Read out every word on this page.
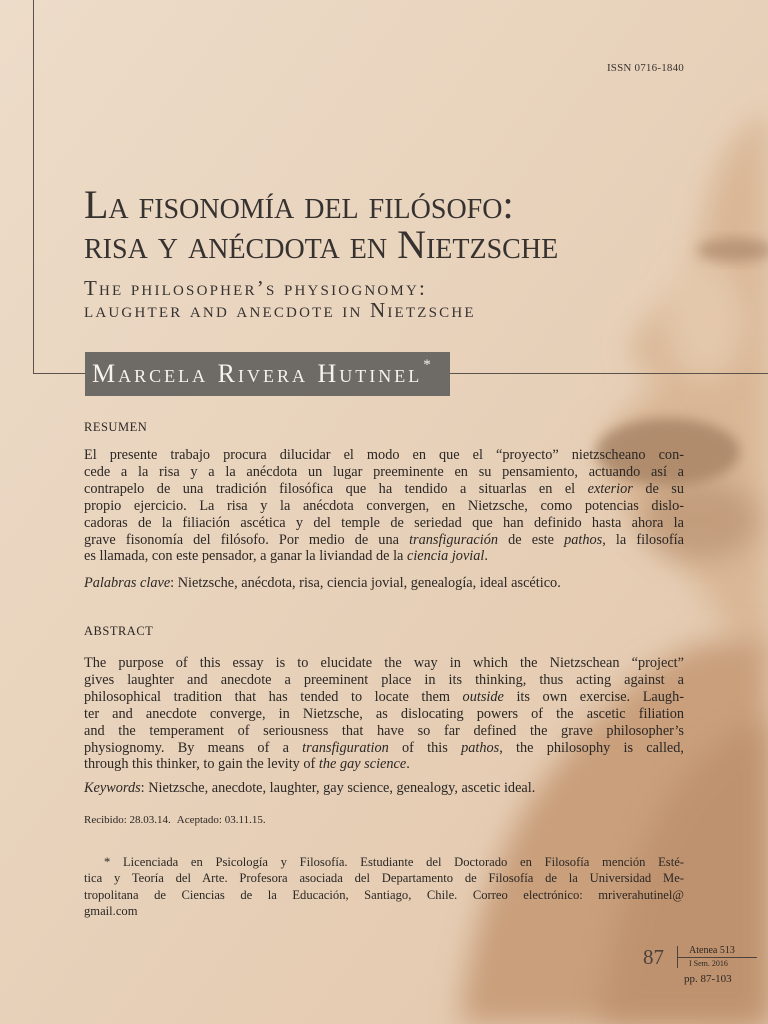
ISSN 0716-1840
La fisonomía del filósofo:
risa y anécdota en Nietzsche
The philosopher’s physiognomy:
laughter and anecdote in Nietzsche
Marcela Rivera Hutinel *
RESUMEN
El presente trabajo procura dilucidar el modo en que el “proyecto” nietzscheano con-
cede a la risa y a la anécdota un lugar preeminente en su pensamiento, actuando así a
contrapelo de una tradición filosófica que ha tendido a situarlas en el exterior de su
propio ejercicio. La risa y la anécdota convergen, en Nietzsche, como potencias dislo-
cadoras de la filiación ascética y del temple de seriedad que han definido hasta ahora la
grave fisonomía del filósofo. Por medio de una transfiguración de este pathos, la filosofía
es llamada, con este pensador, a ganar la liviandad de la ciencia jovial.
Palabras clave: Nietzsche, anécdota, risa, ciencia jovial, genealogía, ideal ascético.
ABSTRACT
The purpose of this essay is to elucidate the way in which the Nietzschean “project”
gives laughter and anecdote a preeminent place in its thinking, thus acting against a
philosophical tradition that has tended to locate them outside its own exercise. Laugh-
ter and anecdote converge, in Nietzsche, as dislocating powers of the ascetic filiation
and the temperament of seriousness that have so far defined the grave philosopher’s
physiognomy. By means of a transfiguration of this pathos, the philosophy is called,
through this thinker, to gain the levity of the gay science.
Keywords: Nietzsche, anecdote, laughter, gay science, genealogy, ascetic ideal.
Recibido: 28.03.14. Aceptado: 03.11.15.
* Licenciada en Psicología y Filosofía. Estudiante del Doctorado en Filosofía mención Esté-
tica y Teoría del Arte. Profesora asociada del Departamento de Filosofía de la Universidad Me-
tropolitana de Ciencias de la Educación, Santiago, Chile. Correo electrónico: mriverahutinel@
gmail.com
87	Atenea 513
I Sem. 2016
pp. 87-103
